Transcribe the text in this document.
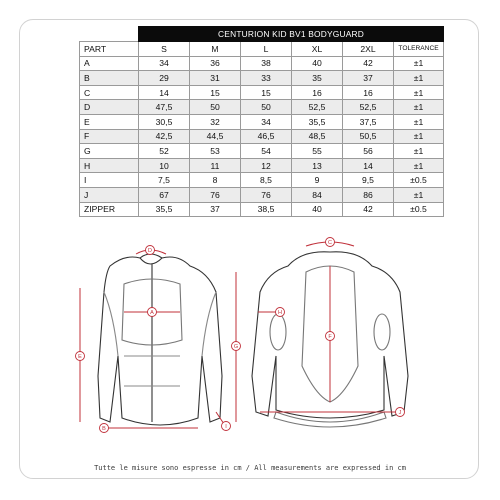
	CENTURION KID BV1 BODYGUARD					
PART	S	M	L	XL	2XL	TOLERANCE
A	34	36	38	40	42	±1
B	29	31	33	35	37	±1
C	14	15	15	16	16	±1
D	47,5	50	50	52,5	52,5	±1
E	30,5	32	34	35,5	37,5	±1
F	42,5	44,5	46,5	48,5	50,5	±1
G	52	53	54	55	56	±1
H	10	11	12	13	14	±1
I	7,5	8	8,5	9	9,5	±0.5
J	67	76	76	84	86	±1
ZIPPER	35,5	37	38,5	40	42	±0.5
A
B
C
D
E
F
G
H
I
J
Tutte le misure sono espresse in cm / All measurements are expressed in cm
